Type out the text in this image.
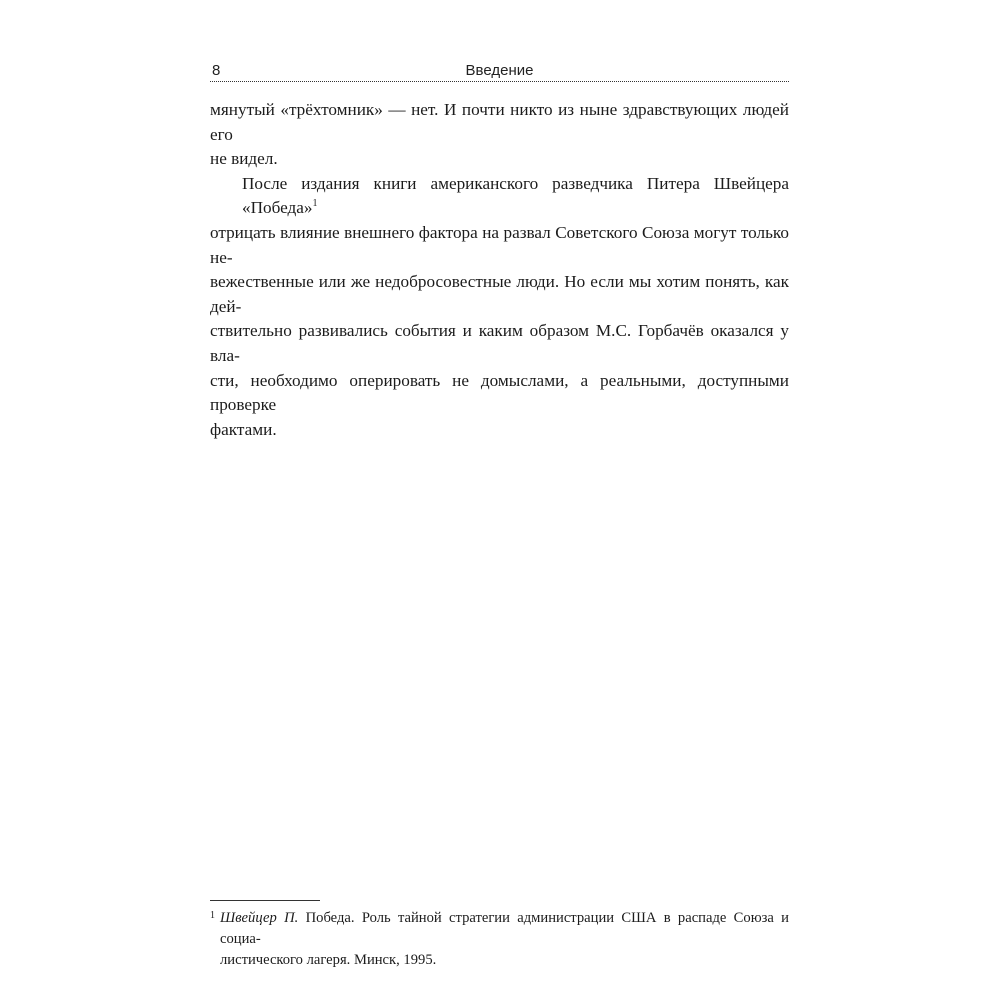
8	Введение
мянутый «трёхтомник» — нет. И почти никто из ныне здравствующих людей его
не видел.
После издания книги американского разведчика Питера Швейцера «Победа»$^1$
отрицать влияние внешнего фактора на развал Советского Союза могут только не-
вежественные или же недобросовестные люди. Но если мы хотим понять, как дей-
ствительно развивались события и каким образом М.С. Горбачёв оказался у вла-
сти, необходимо оперировать не домыслами, а реальными, доступными проверке
фактами.
1 Швейцер П. Победа. Роль тайной стратегии администрации США в распаде Союза и социа-
листического лагеря. Минск, 1995.
